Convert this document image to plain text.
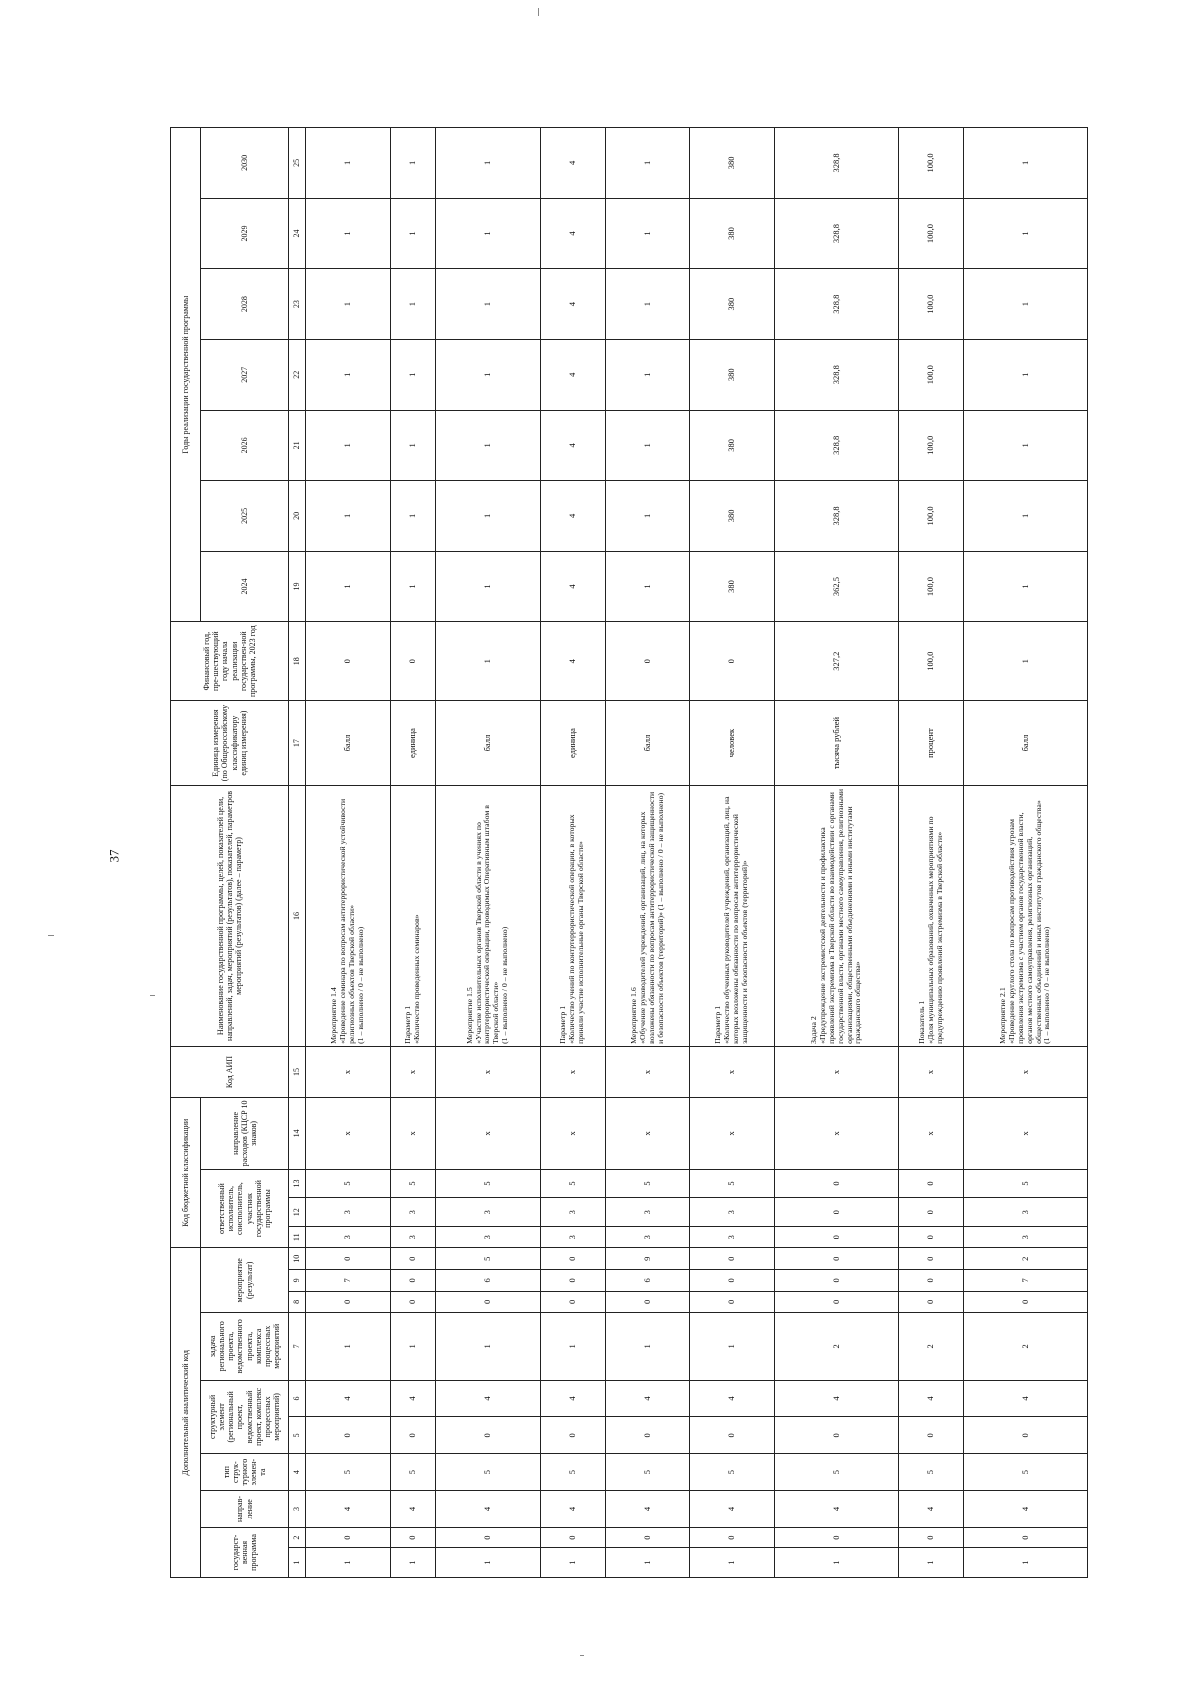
37
Дополнительный аналитический код										Код бюджетной классификации				Код АИП	Наименование государственной программы, целей, показателей цели, направлений, задач, мероприятий (результатов), показателей, параметров мероприятий (результатов) (далее – параметр)	Единица измерения (по Общероссийскому классификатору единиц измерения)	Финансовый год, пре-шествующий году начала реализации государствен-ной программы, 2023 год	Годы реализации государственной программы						
государст-венная программа		направ-ление	тип струк-турного элемен-та	структурный элемент (региональный проект, ведомственный проект, комплекс процессных мероприятий)		задача регионального проекта, ведомственного проекта, комплекса процессных мероприятий	мероприятие (результат)			ответственный исполнитель, соисполнитель, участник государственной программы			направление расходов (КЦСР 10 знаков)					2024	2025	2026	2027	2028	2029	2030
1	2	3	4	5	6	7	8	9	10	11	12	13	14	15	16	17	18	19	20	21	22	23	24	25
1	0	4	5	0	4	1	0	7	0	3	3	5	x	x	Мероприятие 1.4
«Проведение семинара по вопросам антитеррористической устойчивости религиозных объектов Тверской области»
(1 – выполнено / 0 – не выполнено)	балл	0	1	1	1	1	1	1	1
1	0	4	5	0	4	1	0	0	0	3	3	5	x	x	Параметр 1
«Количество проведенных семинаров»	единица	0	1	1	1	1	1	1	1
1	0	4	5	0	4	1	0	6	5	3	3	5	x	x	Мероприятие 1.5
«Участие исполнительных органов Тверской области в учениях по контртеррористической операции, проводимых Оперативным штабом в Тверской области»
(1 – выполнено / 0 – не выполнено)	балл	1	1	1	1	1	1	1	1
1	0	4	5	0	4	1	0	0	0	3	3	5	x	x	Параметр 1
«Количество учений по контртеррористической операции, в которых приняли участие исполнительные органы Тверской области»	единица	4	4	4	4	4	4	4	4
1	0	4	5	0	4	1	0	6	9	3	3	5	x	x	Мероприятие 1.6
«Обучение руководителей учреждений, организаций, лиц, на которых возложены обязанности по вопросам антитеррористической защищенности и безопасности объектов (территорий)» (1 – выполнено / 0 – не выполнено)	балл	0	1	1	1	1	1	1	1
1	0	4	5	0	4	1	0	0	0	3	3	5	x	x	Параметр 1
«Количество обученных руководителей учреждений, организаций, лиц, на которых возложены обязанности по вопросам антитеррористической защищенности и безопасности объектов (территорий)»	человек	0	380	380	380	380	380	380	380
1	0	4	5	0	4	2	0	0	0	0	0	0	x	x	Задача 2
«Предупреждение экстремистской деятельности и профилактика проявлений экстремизма в Тверской области во взаимодействии с органами государственной власти, органами местного самоуправления, религиозными организациями, общественными объединениями и иными институтами гражданского общества»	тысяча рублей	327,2	362,5	328,8	328,8	328,8	328,8	328,8	328,8
1	0	4	5	0	4	2	0	0	0	0	0	0	x	x	Показатель 1
«Доля муниципальных образований, охваченных мероприятиями по предупреждению проявлений экстремизма в Тверской области»	процент	100,0	100,0	100,0	100,0	100,0	100,0	100,0	100,0
1	0	4	5	0	4	2	0	7	2	3	3	5	x	x	Мероприятие 2.1
«Проведение круглого стола по вопросам противодействия угрозам проявления экстремизма с участием органов государственной власти, органов местного самоуправления, религиозных организаций, общественных объединений и иных институтов гражданского общества»
(1 – выполнено / 0 – не выполнено)	балл	1	1	1	1	1	1	1	1
